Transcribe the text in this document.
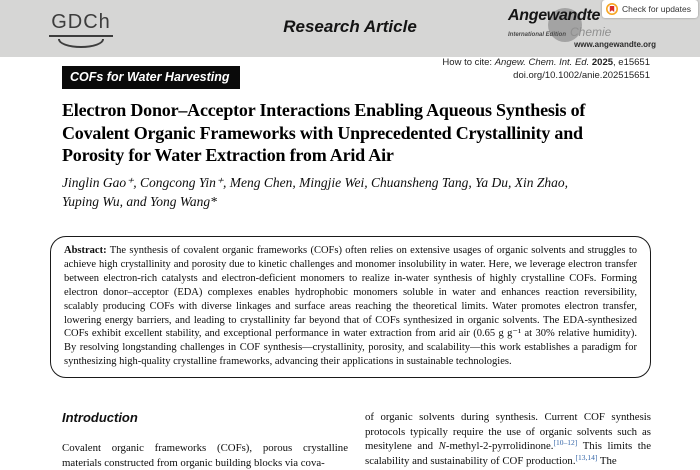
GDCh	Research Article
Angewandte
International Edition Chemie
www.angewandte.org
Check for updates
How to cite: Angew. Chem. Int. Ed. 2025, e15651
doi.org/10.1002/anie.202515651
COFs for Water Harvesting
Electron Donor–Acceptor Interactions Enabling Aqueous Synthesis of
Covalent Organic Frameworks with Unprecedented Crystallinity and
Porosity for Water Extraction from Arid Air
Jinglin Gao⁺, Congcong Yin⁺, Meng Chen, Mingjie Wei, Chuansheng Tang, Ya Du, Xin Zhao,
Yuping Wu, and Yong Wang*
Abstract: The synthesis of covalent organic frameworks (COFs) often relies on extensive usages of organic solvents and struggles to achieve high crystallinity and porosity due to kinetic challenges and monomer insolubility in water. Here, we leverage electron transfer between electron-rich catalysts and electron-deficient monomers to realize in-water synthesis of highly crystalline COFs. Forming electron donor–acceptor (EDA) complexes enables hydrophobic monomers soluble in water and enhances reaction reversibility, scalably producing COFs with diverse linkages and surface areas reaching the theoretical limits. Water promotes electron transfer, lowering energy barriers, and leading to crystallinity far beyond that of COFs synthesized in organic solvents. The EDA-synthesized COFs exhibit excellent stability, and exceptional performance in water extraction from arid air (0.65 g g⁻¹ at 30% relative humidity). By resolving longstanding challenges in COF synthesis—crystallinity, porosity, and scalability—this work establishes a paradigm for synthesizing high-quality crystalline frameworks, advancing their applications in sustainable technologies.
Introduction

Covalent organic frameworks (COFs), porous crystalline materials constructed from organic building blocks via cova-

of organic solvents during synthesis. Current COF synthesis protocols typically require the use of organic solvents such as mesitylene and N-methyl-2-pyrrolidinone.[10–12] This limits the scalability and sustainability of COF production.[13,14] The
